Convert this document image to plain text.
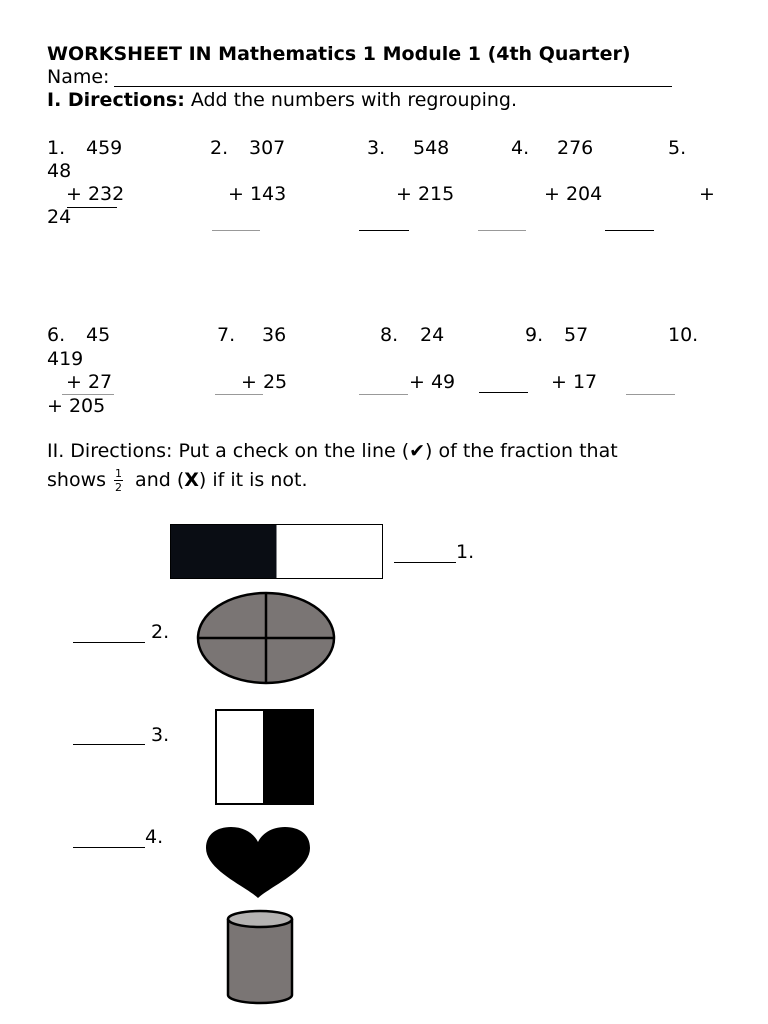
WORKSHEET IN Mathematics 1 Module 1 (4th Quarter)
Name:
I. Directions: Add the numbers with regrouping.
1. 459
+ 232
2. 307
+ 143
3. 548
+ 215
4. 276
+ 204
5.
48
+
24
6. 45
+ 27
7. 36
+ 25
8. 24
+ 49
9. 57
+ 17
10.
419
+ 205
II. Directions: Put a check on the line (✔) of the fraction that
shows $\frac{1}{2}$ and (X) if it is not.
1.
2.
3.
4.
